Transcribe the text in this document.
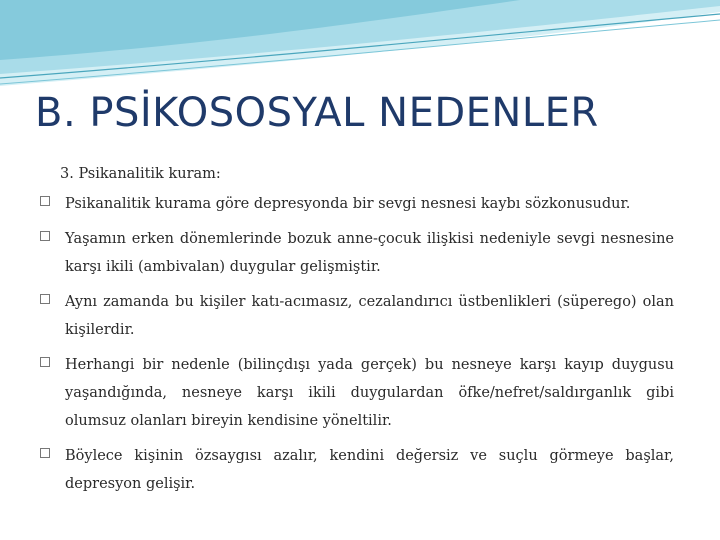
B. PSİKOSOSYAL NEDENLER
3. Psikanalitik kuram:
Psikanalitik kurama göre depresyonda bir sevgi nesnesi kaybı sözkonusudur.
Yaşamın erken dönemlerinde bozuk anne-çocuk ilişkisi nedeniyle sevgi nesnesine karşı ikili (ambivalan) duygular gelişmiştir.
Aynı zamanda bu kişiler katı-acımasız, cezalandırıcı üstbenlikleri (süperego) olan kişilerdir.
Herhangi bir nedenle (bilinçdışı yada gerçek) bu nesneye karşı kayıp duygusu yaşandığında, nesneye karşı ikili duygulardan öfke/nefret/saldırganlık gibi olumsuz olanları bireyin kendisine yöneltilir.
Böylece kişinin özsaygısı azalır, kendini değersiz ve suçlu görmeye başlar, depresyon gelişir.
